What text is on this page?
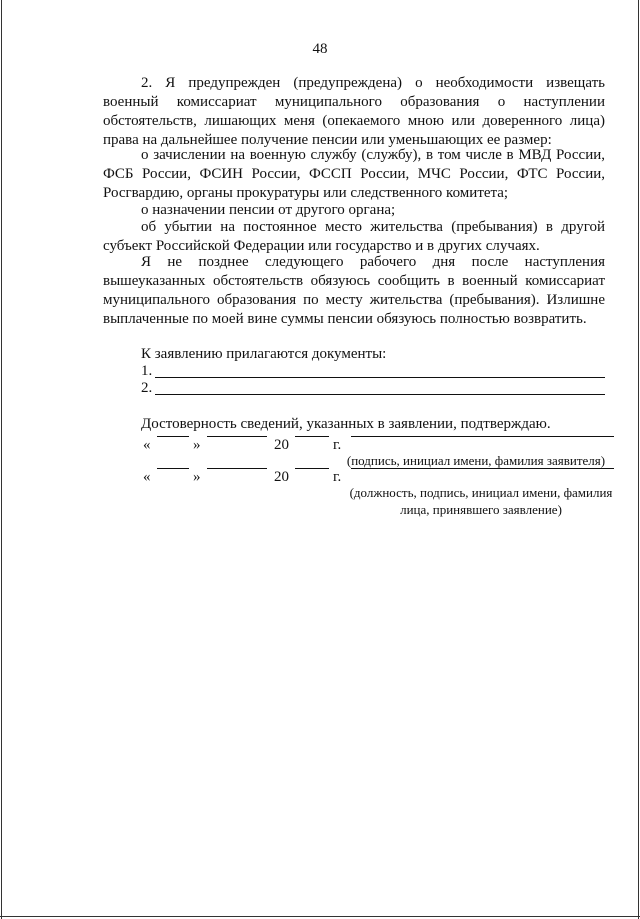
48

2. Я предупрежден (предупреждена) о необходимости извещать военный комиссариат муниципального образования о наступлении обстоятельств, лишающих меня (опекаемого мною или доверенного лица) права на дальнейшее получение пенсии или уменьшающих ее размер:

о зачислении на военную службу (службу), в том числе в МВД России, ФСБ России, ФСИН России, ФССП России, МЧС России, ФТС России, Росгвардию, органы прокуратуры или следственного комитета;

о назначении пенсии от другого органа;

об убытии на постоянное место жительства (пребывания) в другой субъект Российской Федерации или государство и в других случаях.

Я не позднее следующего рабочего дня после наступления вышеуказанных обстоятельств обязуюсь сообщить в военный комиссариат муниципального образования по месту жительства (пребывания). Излишне выплаченные по моей вине суммы пенсии обязуюсь полностью возвратить.

К заявлению прилагаются документы:
1.
2.
Достоверность сведений, указанных в заявлении, подтверждаю.
«	»	20	г.
(подпись, инициал имени, фамилия заявителя)
«	»	20	г.
(должность, подпись, инициал имени, фамилия лица, принявшего заявление)
